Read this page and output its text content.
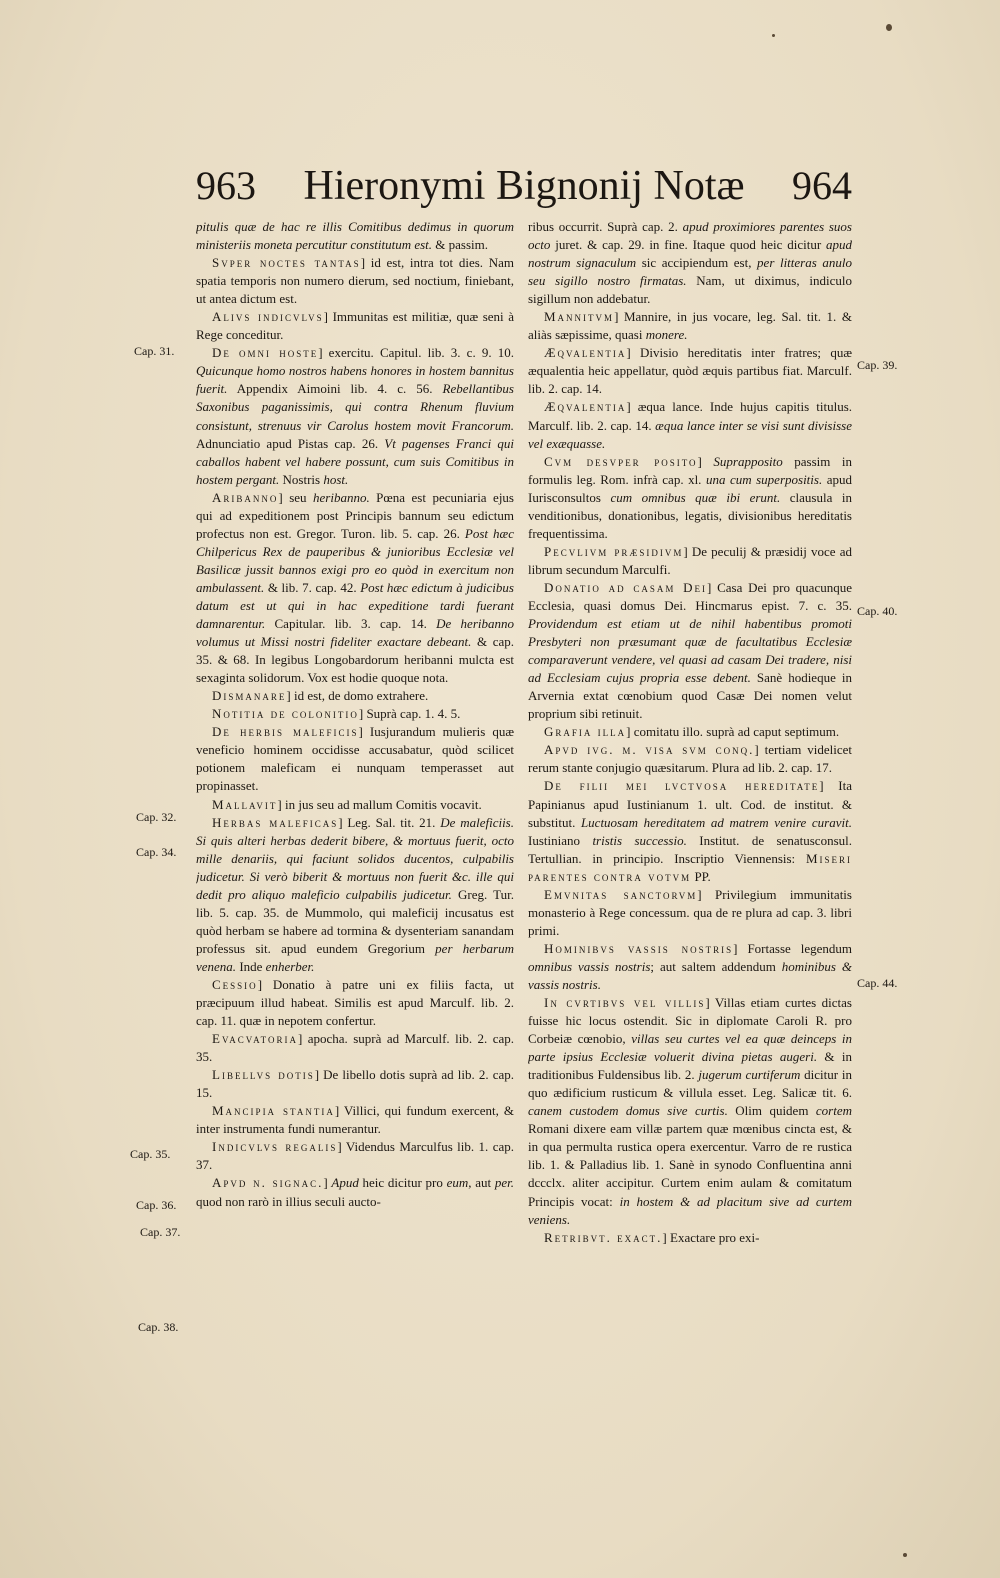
963	Hieronymi Bignonij Notæ	964
Cap. 31.
Cap. 32.
Cap. 34.
Cap. 35.
Cap. 36.
Cap. 37.
Cap. 38.
Cap. 39.
Cap. 40.
Cap. 44.

pitulis quæ de hac re illis Comitibus dedimus in quorum ministeriis moneta percutitur constitutum est. & passim.

Svper noctes tantas] id est, intra tot dies. Nam spatia temporis non numero dierum, sed noctium, finiebant, ut antea dictum est.

Alivs indicvlvs] Immunitas est militiæ, quæ seni à Rege conceditur.

De omni hoste] exercitu. Capitul. lib. 3. c. 9. 10. Quicunque homo nostros habens honores in hostem bannitus fuerit. Appendix Aimoini lib. 4. c. 56. Rebellantibus Saxonibus paganissimis, qui contra Rhenum fluvium consistunt, strenuus vir Carolus hostem movit Francorum. Adnunciatio apud Pistas cap. 26. Vt pagenses Franci qui caballos habent vel habere possunt, cum suis Comitibus in hostem pergant. Nostris host.

Aribanno] seu heribanno. Pœna est pecuniaria ejus qui ad expeditionem post Principis bannum seu edictum profectus non est. Gregor. Turon. lib. 5. cap. 26. Post hæc Chilpericus Rex de pauperibus & junioribus Ecclesiæ vel Basilicæ jussit bannos exigi pro eo quòd in exercitum non ambulassent. & lib. 7. cap. 42. Post hæc edictum à judicibus datum est ut qui in hac expeditione tardi fuerant damnarentur. Capitular. lib. 3. cap. 14. De heribanno volumus ut Missi nostri fideliter exactare debeant. & cap. 35. & 68. In legibus Longobardorum heribanni mulcta est sexaginta solidorum. Vox est hodie quoque nota.

Dismanare] id est, de domo extrahere.

Notitia de colonitio] Suprà cap. 1. 4. 5.

De herbis maleficis] Iusjurandum mulieris quæ veneficio hominem occidisse accusabatur, quòd scilicet potionem maleficam ei nunquam temperasset aut propinasset.

Mallavit] in jus seu ad mallum Comitis vocavit.

Herbas maleficas] Leg. Sal. tit. 21. De maleficiis. Si quis alteri herbas dederit bibere, & mortuus fuerit, octo mille denariis, qui faciunt solidos ducentos, culpabilis judicetur. Si verò biberit & mortuus non fuerit &c. ille qui dedit pro aliquo maleficio culpabilis judicetur. Greg. Tur. lib. 5. cap. 35. de Mummolo, qui maleficij incusatus est quòd herbam se habere ad tormina & dysenteriam sanandam professus sit. apud eundem Gregorium per herbarum venena. Inde enherber.

Cessio] Donatio à patre uni ex filiis facta, ut præcipuum illud habeat. Similis est apud Marculf. lib. 2. cap. 11. quæ in nepotem confertur.

Evacvatoria] apocha. suprà ad Marculf. lib. 2. cap. 35.

Libellvs dotis] De libello dotis suprà ad lib. 2. cap. 15.

Mancipia stantia] Villici, qui fundum exercent, & inter instrumenta fundi numerantur.

Indicvlvs regalis] Videndus Marculfus lib. 1. cap. 37.

Apvd n. signac.] Apud heic dicitur pro eum, aut per. quod non rarò in illius seculi aucto-

ribus occurrit. Suprà cap. 2. apud proximiores parentes suos octo juret. & cap. 29. in fine. Itaque quod heic dicitur apud nostrum signaculum sic accipiendum est, per litteras anulo seu sigillo nostro firmatas. Nam, ut diximus, indiculo sigillum non addebatur.

Mannitvm] Mannire, in jus vocare, leg. Sal. tit. 1. & aliàs sæpissime, quasi monere.

Æqvalentia] Divisio hereditatis inter fratres; quæ æqualentia heic appellatur, quòd æquis partibus fiat. Marculf. lib. 2. cap. 14.

Æqvalentia] æqua lance. Inde hujus capitis titulus. Marculf. lib. 2. cap. 14. æqua lance inter se visi sunt divisisse vel exæquasse.

Cvm desvper posito] Suprapposito passim in formulis leg. Rom. infrà cap. xl. una cum superpositis. apud Iurisconsultos cum omnibus quæ ibi erunt. clausula in venditionibus, donationibus, legatis, divisionibus hereditatis frequentissima.

Pecvlivm præsidivm] De peculij & præsidij voce ad librum secundum Marculfi.

Donatio ad casam Dei] Casa Dei pro quacunque Ecclesia, quasi domus Dei. Hincmarus epist. 7. c. 35. Providendum est etiam ut de nihil habentibus promoti Presbyteri non præsumant quæ de facultatibus Ecclesiæ comparaverunt vendere, vel quasi ad casam Dei tradere, nisi ad Ecclesiam cujus propria esse debent. Sanè hodieque in Arvernia extat cœnobium quod Casæ Dei nomen velut proprium sibi retinuit.

Grafia illa] comitatu illo. suprà ad caput septimum.

Apvd ivg. m. visa svm conq.] tertiam videlicet rerum stante conjugio quæsitarum. Plura ad lib. 2. cap. 17.

De filii mei lvctvosa hereditate] Ita Papinianus apud Iustinianum 1. ult. Cod. de institut. & substitut. Luctuosam hereditatem ad matrem venire curavit. Iustiniano tristis successio. Institut. de senatusconsul. Tertullian. in principio. Inscriptio Viennensis: Miseri parentes contra votvm PP.

Emvnitas sanctorvm] Privilegium immunitatis monasterio à Rege concessum. qua de re plura ad cap. 3. libri primi.

Hominibvs vassis nostris] Fortasse legendum omnibus vassis nostris; aut saltem addendum hominibus & vassis nostris.

In cvrtibvs vel villis] Villas etiam curtes dictas fuisse hic locus ostendit. Sic in diplomate Caroli R. pro Corbeiæ cœnobio, villas seu curtes vel ea quæ deinceps in parte ipsius Ecclesiæ voluerit divina pietas augeri. & in traditionibus Fuldensibus lib. 2. jugerum curtiferum dicitur in quo ædificium rusticum & villula esset. Leg. Salicæ tit. 6. canem custodem domus sive curtis. Olim quidem cortem Romani dixere eam villæ partem quæ mœnibus cincta est, & in qua permulta rustica opera exercentur. Varro de re rustica lib. 1. & Palladius lib. 1. Sanè in synodo Confluentina anni dccclx. aliter accipitur. Curtem enim aulam & comitatum Principis vocat: in hostem & ad placitum sive ad curtem veniens.

Retribvt. exact.] Exactare pro exi-
